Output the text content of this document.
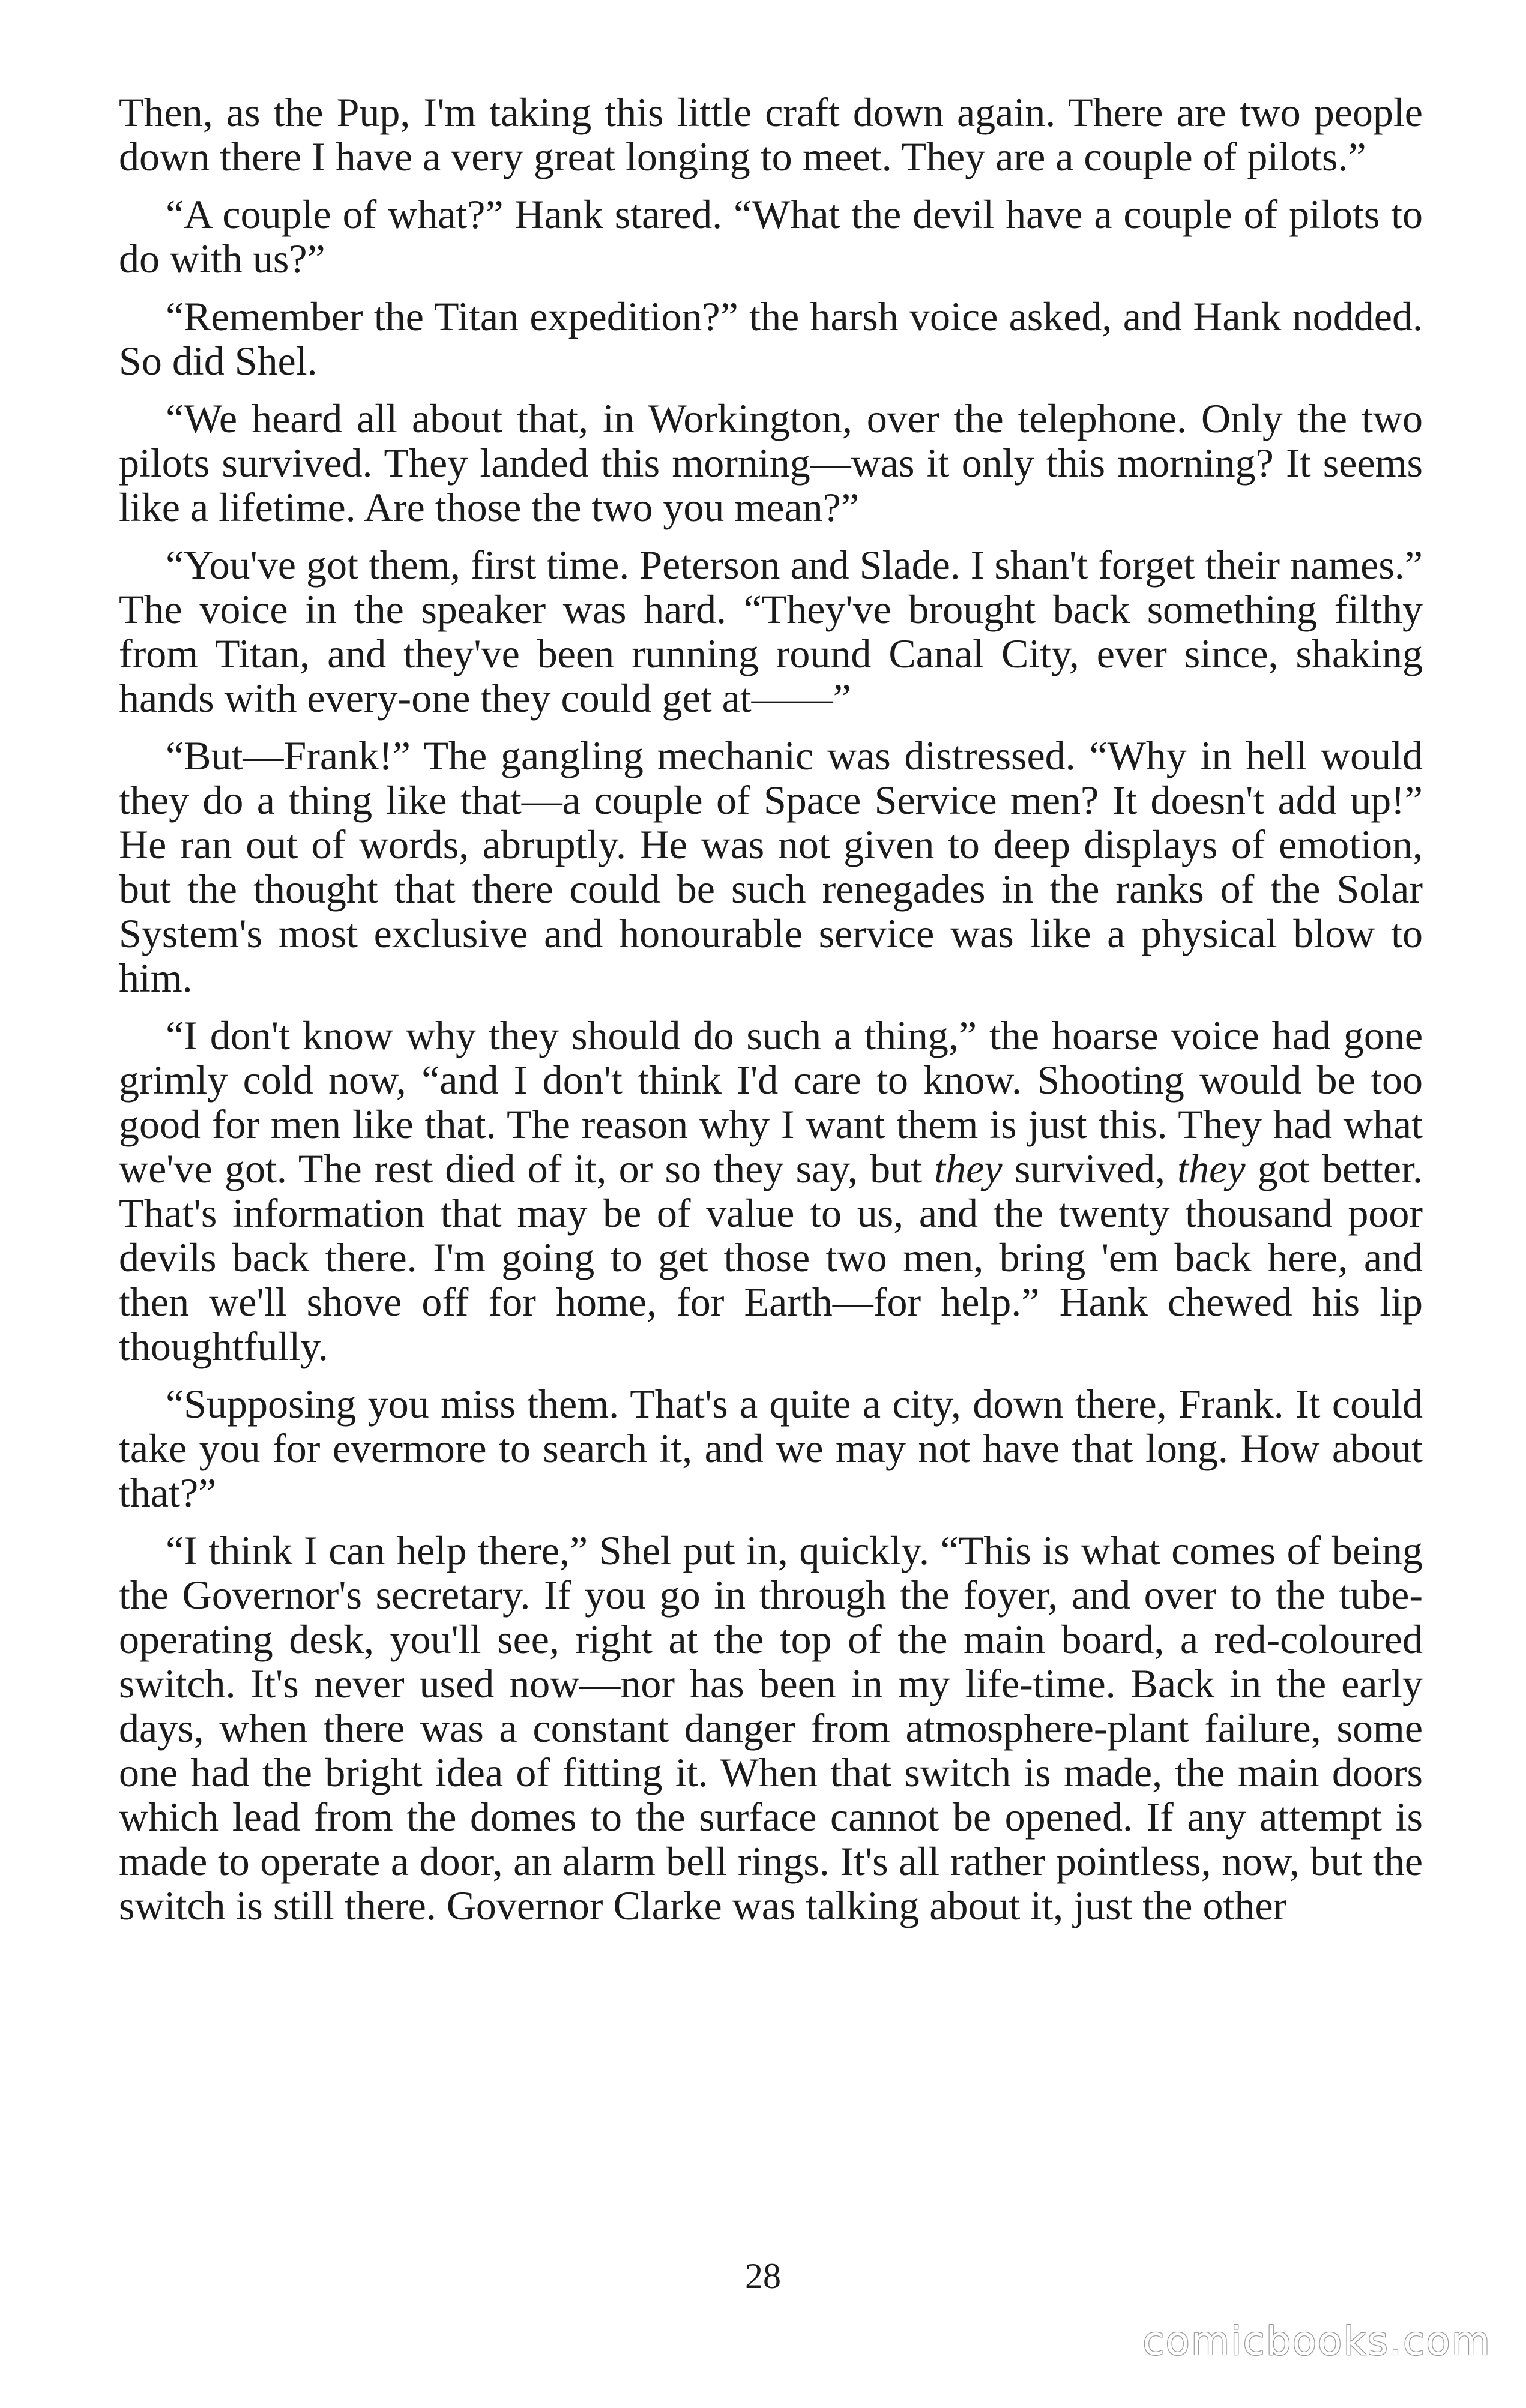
Then, as the Pup, I'm taking this little craft down again. There are two people down there I have a very great longing to meet. They are a couple of pilots.”

“A couple of what?” Hank stared. “What the devil have a couple of pilots to do with us?”

“Remember the Titan expedition?” the harsh voice asked, and Hank nodded. So did Shel.

“We heard all about that, in Workington, over the telephone. Only the two pilots survived. They landed this morning—was it only this morning? It seems like a lifetime. Are those the two you mean?”

“You've got them, first time. Peterson and Slade. I shan't forget their names.” The voice in the speaker was hard. “They've brought back something filthy from Titan, and they've been running round Canal City, ever since, shaking hands with every-one they could get at——”

“But—Frank!” The gangling mechanic was distressed. “Why in hell would they do a thing like that—a couple of Space Service men? It doesn't add up!” He ran out of words, abruptly. He was not given to deep displays of emotion, but the thought that there could be such renegades in the ranks of the Solar System's most exclusive and honourable service was like a physical blow to him.

“I don't know why they should do such a thing,” the hoarse voice had gone grimly cold now, “and I don't think I'd care to know. Shooting would be too good for men like that. The reason why I want them is just this. They had what we've got. The rest died of it, or so they say, but they survived, they got better. That's information that may be of value to us, and the twenty thousand poor devils back there. I'm going to get those two men, bring 'em back here, and then we'll shove off for home, for Earth—for help.” Hank chewed his lip thoughtfully.

“Supposing you miss them. That's a quite a city, down there, Frank. It could take you for evermore to search it, and we may not have that long. How about that?”

“I think I can help there,” Shel put in, quickly. “This is what comes of being the Governor's secretary. If you go in through the foyer, and over to the tube-operating desk, you'll see, right at the top of the main board, a red-coloured switch. It's never used now—nor has been in my life-time. Back in the early days, when there was a constant danger from atmosphere-plant failure, some one had the bright idea of fitting it. When that switch is made, the main doors which lead from the domes to the surface cannot be opened. If any attempt is made to operate a door, an alarm bell rings. It's all rather pointless, now, but the switch is still there. Governor Clarke was talking about it, just the other

28
comicbooks.com
